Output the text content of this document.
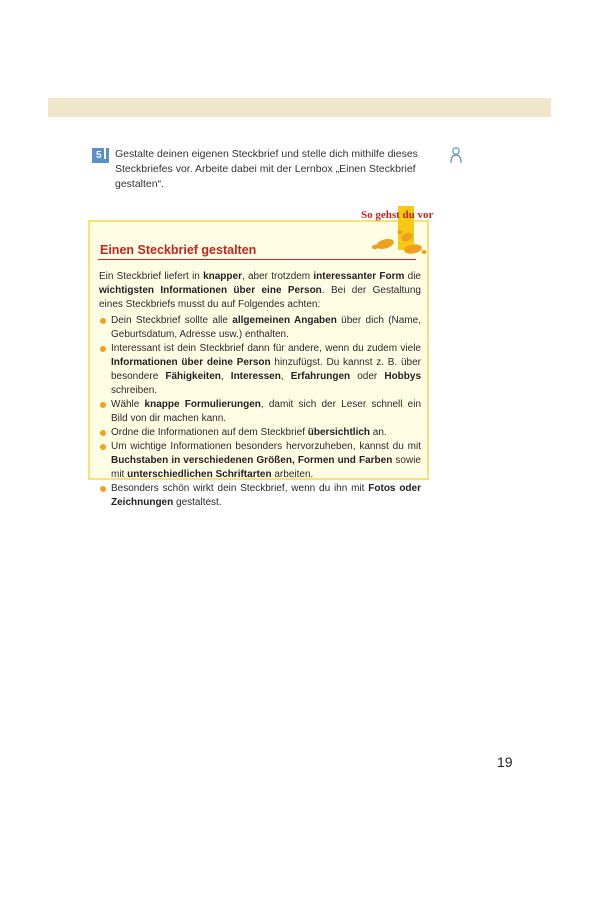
5	Gestalte deinen eigenen Steckbrief und stelle dich mithilfe dieses Steckbriefes vor. Arbeite dabei mit der Lernbox „Einen Steckbrief gestalten“.
So gehst du vor
Einen Steckbrief gestalten
Ein Steckbrief liefert in knapper, aber trotzdem interessanter Form die wichtigsten Informationen über eine Person. Bei der Gestaltung eines Steckbriefs musst du auf Folgendes achten:
Dein Steckbrief sollte alle allgemeinen Angaben über dich (Name, Geburtsdatum, Adresse usw.) enthalten.
Interessant ist dein Steckbrief dann für andere, wenn du zudem viele Informationen über deine Person hinzufügst. Du kannst z. B. über besondere Fähigkeiten, Interessen, Erfahrungen oder Hobbys schreiben.
Wähle knappe Formulierungen, damit sich der Leser schnell ein Bild von dir machen kann.
Ordne die Informationen auf dem Steckbrief übersichtlich an.
Um wichtige Informationen besonders hervorzuheben, kannst du mit Buchstaben in verschiedenen Größen, Formen und Farben sowie mit unterschiedlichen Schriftarten arbeiten.
Besonders schön wirkt dein Steckbrief, wenn du ihn mit Fotos oder Zeichnungen gestaltest.
19
